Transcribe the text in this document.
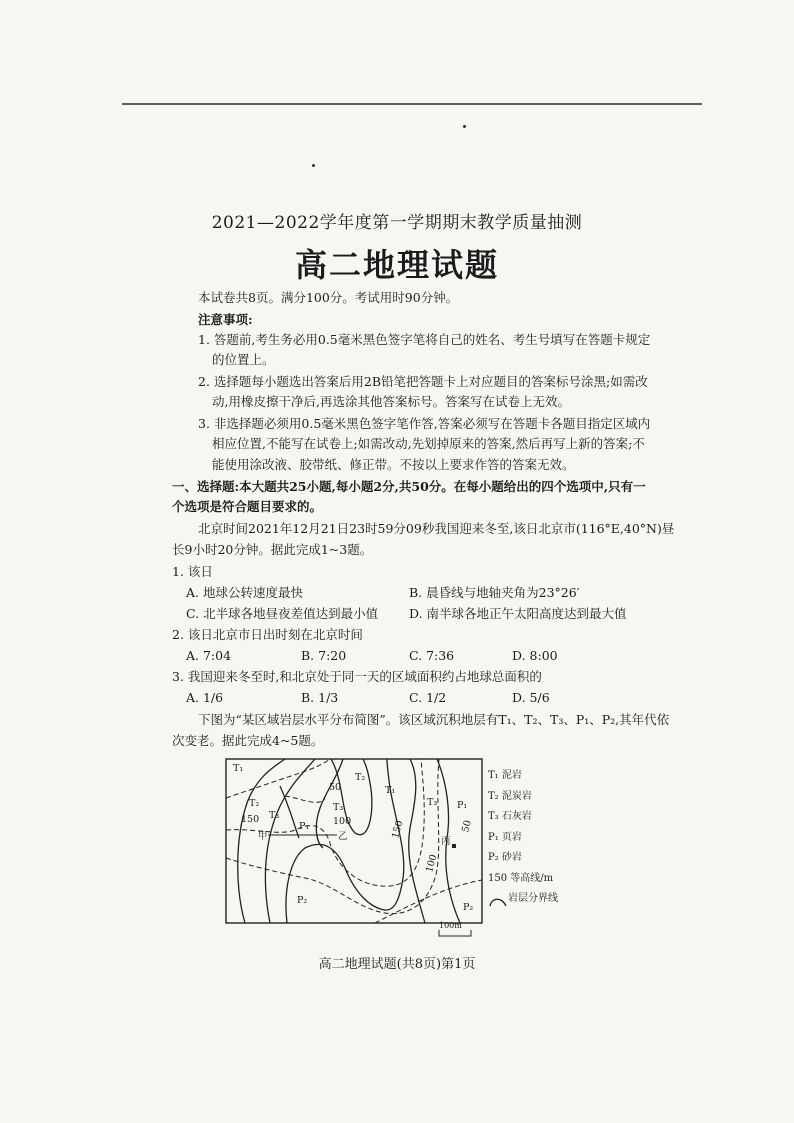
2021—2022学年度第一学期期末教学质量抽测
高二地理试题
本试卷共8页。满分100分。考试用时90分钟。
注意事项:
1. 答题前,考生务必用0.5毫米黑色签字笔将自己的姓名、考生号填写在答题卡规定
的位置上。
2. 选择题每小题选出答案后用2B铅笔把答题卡上对应题目的答案标号涂黑;如需改
动,用橡皮擦干净后,再选涂其他答案标号。答案写在试卷上无效。
3. 非选择题必须用0.5毫米黑色签字笔作答,答案必须写在答题卡各题目指定区域内
相应位置,不能写在试卷上;如需改动,先划掉原来的答案,然后再写上新的答案;不
能使用涂改液、胶带纸、修正带。不按以上要求作答的答案无效。
一、选择题:本大题共25小题,每小题2分,共50分。在每小题给出的四个选项中,只有一
个选项是符合题目要求的。
北京时间2021年12月21日23时59分09秒我国迎来冬至,该日北京市(116°E,40°N)昼
长9小时20分钟。据此完成1~3题。
1. 该日
A. 地球公转速度最快	B. 晨昏线与地轴夹角为23°26′
C. 北半球各地昼夜差值达到最小值 D. 南半球各地正午太阳高度达到最大值
2. 该日北京市日出时刻在北京时间
A. 7:04	B. 7:20	C. 7:36	D. 8:00
3. 我国迎来冬至时,和北京处于同一天的区域面积约占地球总面积的
A. 1/6	B. 1/3	C. 1/2	D. 5/6
下图为“某区域岩层水平分布简图”。该区域沉积地层有T₁、T₂、T₃、P₁、P₂,其年代依
次变老。据此完成4~5题。
T₁
T₂
T₃
P₁
P₂
T₂
T₃
T₁
T₃ P₁
P₂
150
50
100	150
100
50
甲	乙	丙
100m
T₁ 泥岩
T₂ 泥炭岩
T₃ 石灰岩
P₁ 页岩
P₂ 砂岩
150 等高线/m
岩层分界线
高二地理试题(共8页)第1页
